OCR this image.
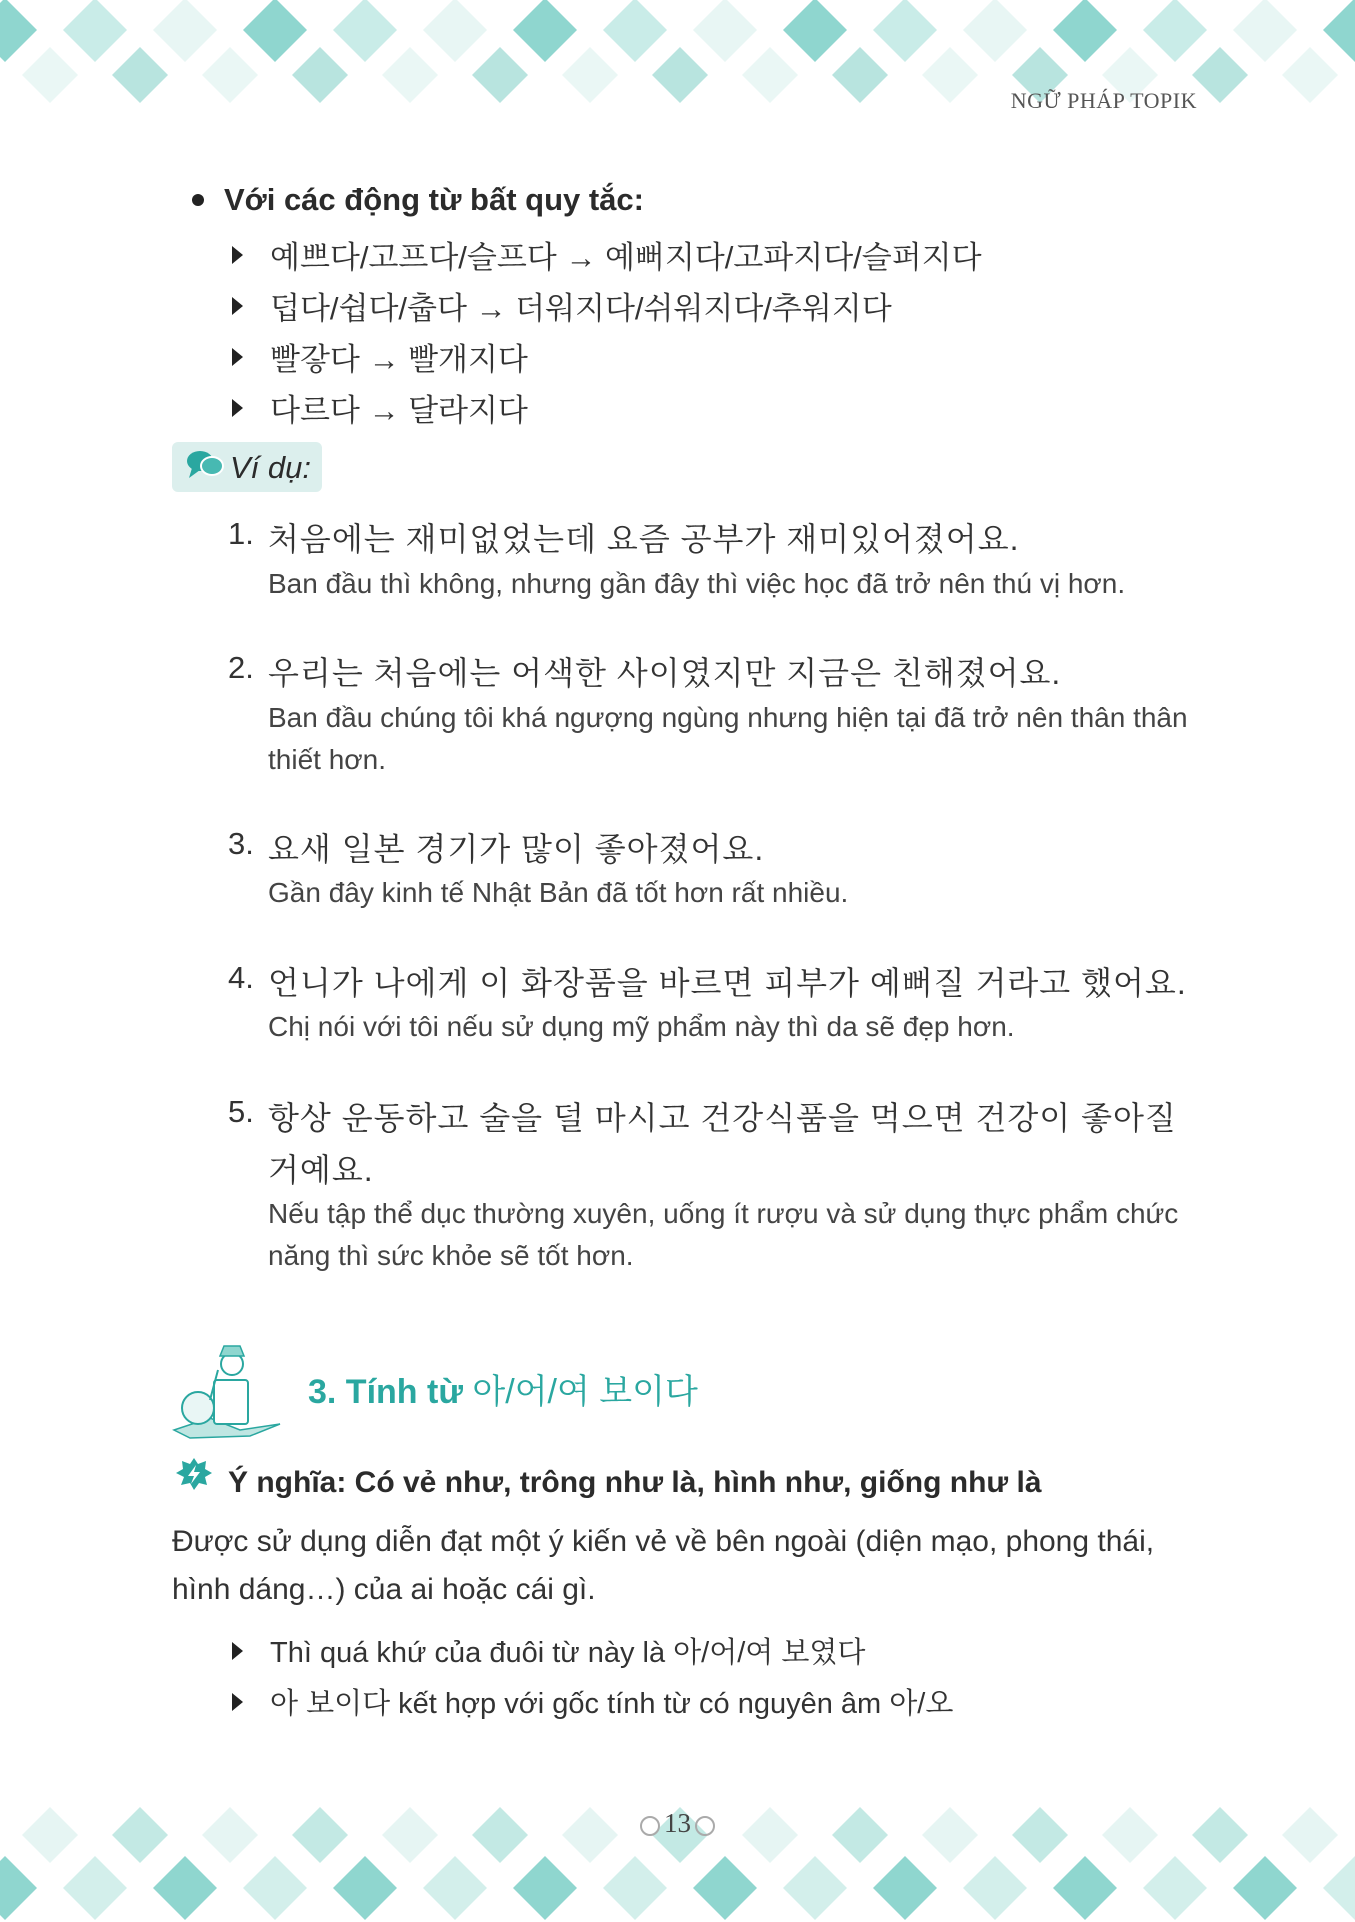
NGỮ PHÁP TOPIK
Với các động từ bất quy tắc:
예쁘다/고프다/슬프다 → 예뻐지다/고파지다/슬퍼지다
덥다/쉽다/춥다 → 더워지다/쉬워지다/추워지다
빨갛다 → 빨개지다
다르다 → 달라지다
Ví dụ:
1. 처음에는 재미없었는데 요즘 공부가 재미있어졌어요.
Ban đầu thì không, nhưng gần đây thì việc học đã trở nên thú vị hơn.
2. 우리는 처음에는 어색한 사이였지만 지금은 친해졌어요.
Ban đầu chúng tôi khá ngượng ngùng nhưng hiện tại đã trở nên thân thân thiết hơn.
3. 요새 일본 경기가 많이 좋아졌어요.
Gần đây kinh tế Nhật Bản đã tốt hơn rất nhiều.
4. 언니가 나에게 이 화장품을 바르면 피부가 예뻐질 거라고 했어요.
Chị nói với tôi nếu sử dụng mỹ phẩm này thì da sẽ đẹp hơn.
5. 항상 운동하고 술을 덜 마시고 건강식품을 먹으면 건강이 좋아질 거예요.
Nếu tập thể dục thường xuyên, uống ít rượu và sử dụng thực phẩm chức năng thì sức khỏe sẽ tốt hơn.
3. Tính từ 아/어/여 보이다
Ý nghĩa: Có vẻ như, trông như là, hình như, giống như là
Được sử dụng diễn đạt một ý kiến vẻ về bên ngoài (diện mạo, phong thái, hình dáng…) của ai hoặc cái gì.
Thì quá khứ của đuôi từ này là 아/어/여 보였다
아 보이다 kết hợp với gốc tính từ có nguyên âm 아/오
13
